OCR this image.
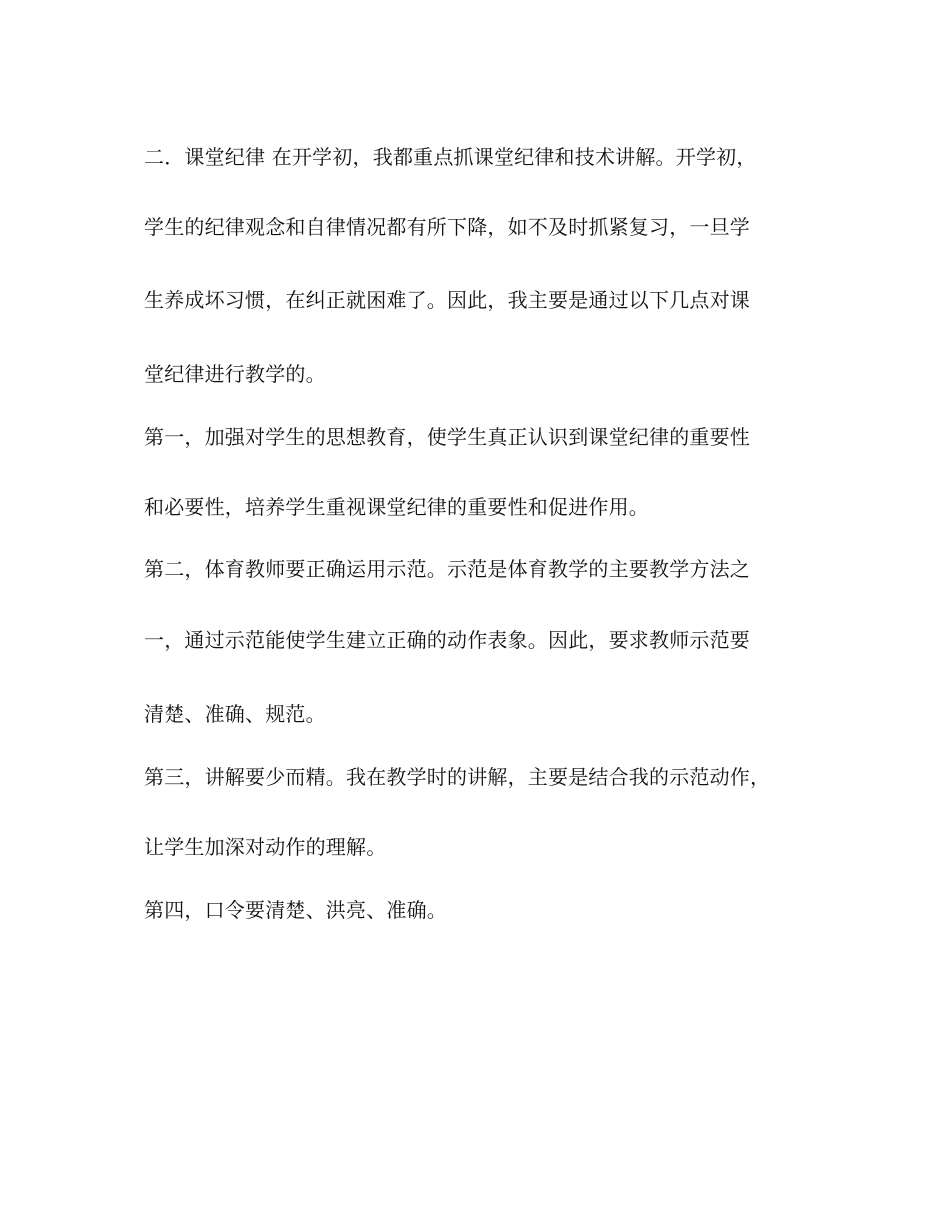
二．课堂纪律 在开学初，我都重点抓课堂纪律和技术讲解。开学初，
学生的纪律观念和自律情况都有所下降，如不及时抓紧复习，一旦学
生养成坏习惯，在纠正就困难了。因此，我主要是通过以下几点对课
堂纪律进行教学的。
第一，加强对学生的思想教育，使学生真正认识到课堂纪律的重要性
和必要性，培养学生重视课堂纪律的重要性和促进作用。
第二，体育教师要正确运用示范。示范是体育教学的主要教学方法之
一，通过示范能使学生建立正确的动作表象。因此，要求教师示范要
清楚、准确、规范。
第三，讲解要少而精。我在教学时的讲解，主要是结合我的示范动作，
让学生加深对动作的理解。
第四，口令要清楚、洪亮、准确。
